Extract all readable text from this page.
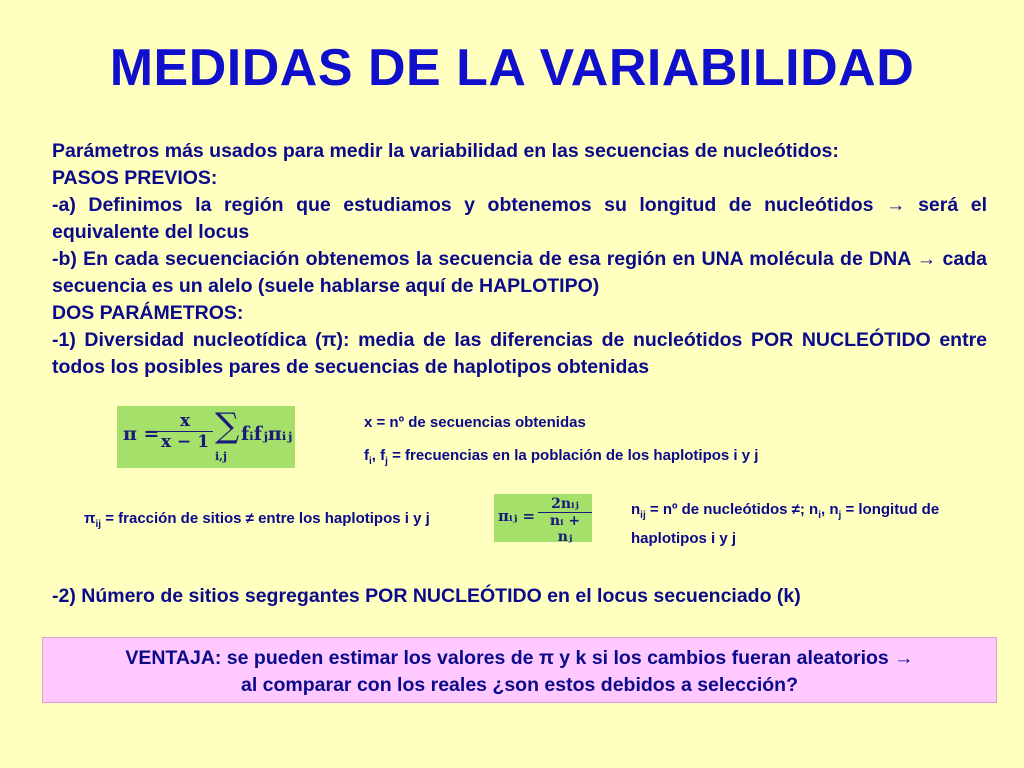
MEDIDAS DE LA VARIABILIDAD

Parámetros más usados para medir la variabilidad en las secuencias de nucleótidos:

PASOS PREVIOS:

-a) Definimos la región que estudiamos y obtenemos su longitud de nucleótidos → será el equivalente del locus

-b) En cada secuenciación obtenemos la secuencia de esa región en UNA molécula de DNA → cada secuencia es un alelo (suele hablarse aquí de HAPLOTIPO)

DOS PARÁMETROS:

-1) Diversidad nucleotídica (π): media de las diferencias de nucleótidos POR NUCLEÓTIDO entre todos los posibles pares de secuencias de haplotipos obtenidas

π =
$\frac{x}{x - 1}$ ∑
i,j
fᵢfⱼπᵢⱼ
πᵢⱼ =
2nᵢⱼ
nᵢ + nⱼ
x = nº de secuencias obtenidas
$f_i$, $f_j$ = frecuencias en la población de los haplotipos i y j
$\pi_{ij}$ = fracción de sitios ≠ entre los haplotipos i y j
$n_{ij}$ = nº de nucleótidos ≠; $n_i$, $n_j$ = longitud de haplotipos i y j
-2) Número de sitios segregantes POR NUCLEÓTIDO en el locus secuenciado (k)
VENTAJA: se pueden estimar los valores de π y k si los cambios fueran aleatorios →
al comparar con los reales ¿son estos debidos a selección?
